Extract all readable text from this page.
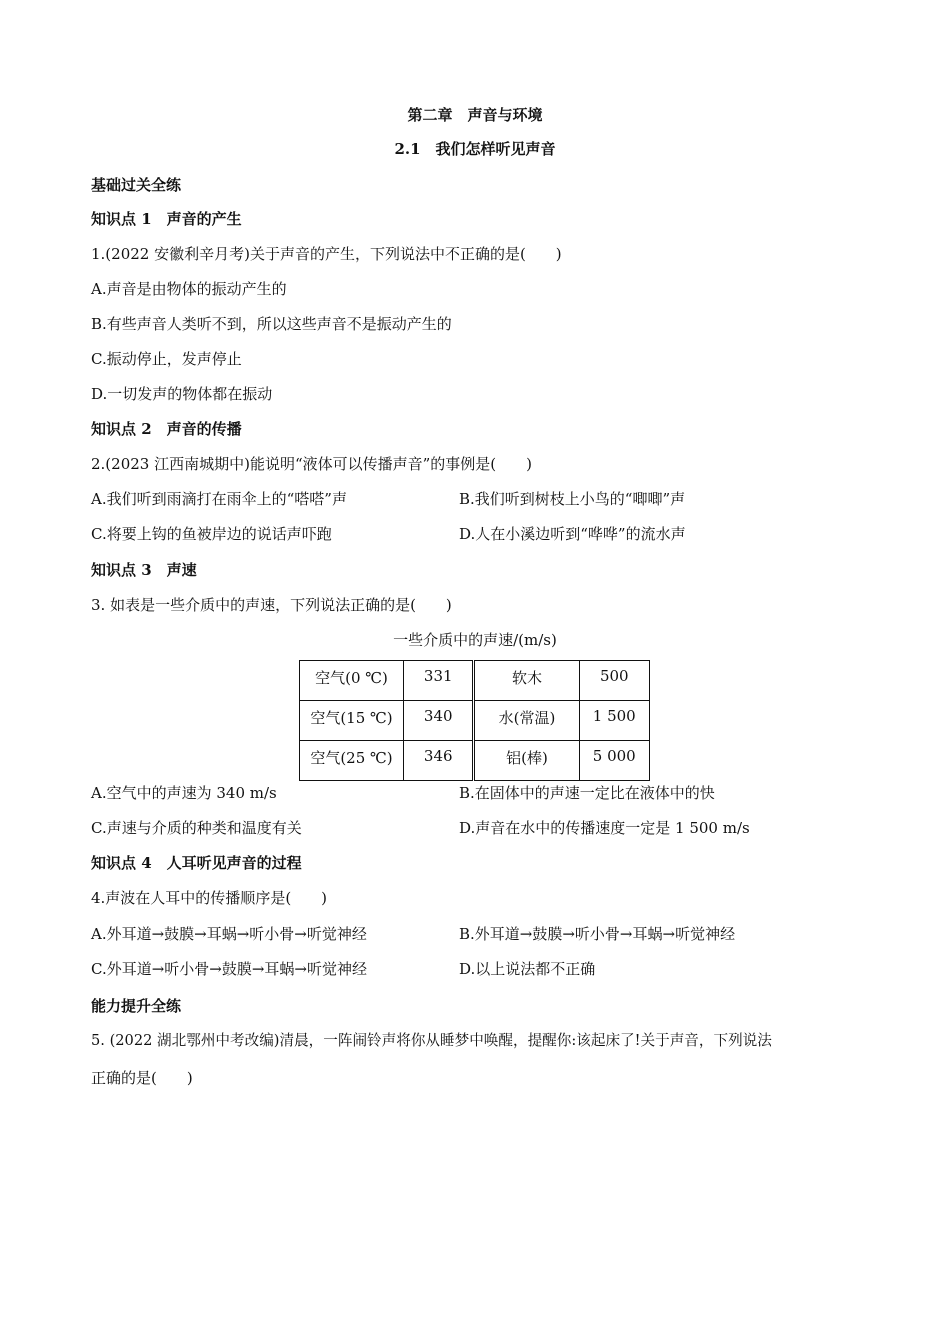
第二章　声音与环境
2.1　我们怎样听见声音
基础过关全练
知识点 1　声音的产生
1.(2022 安徽利辛月考)关于声音的产生，下列说法中不正确的是(　　)
A.声音是由物体的振动产生的
B.有些声音人类听不到，所以这些声音不是振动产生的
C.振动停止，发声停止
D.一切发声的物体都在振动
知识点 2　声音的传播
2.(2023 江西南城期中)能说明“液体可以传播声音”的事例是(　　)
A.我们听到雨滴打在雨伞上的“嗒嗒”声	B.我们听到树枝上小鸟的“唧唧”声
C.将要上钩的鱼被岸边的说话声吓跑	D.人在小溪边听到“哗哗”的流水声
知识点 3　声速
3. 如表是一些介质中的声速，下列说法正确的是(　　)
一些介质中的声速/(m/s)
空气(0 ℃)	331	软木	500
空气(15 ℃)	340	水(常温)	1 500
空气(25 ℃)	346	铝(棒)	5 000
A.空气中的声速为 340 m/s	B.在固体中的声速一定比在液体中的快
C.声速与介质的种类和温度有关	D.声音在水中的传播速度一定是 1 500 m/s
知识点 4　人耳听见声音的过程
4.声波在人耳中的传播顺序是(　　)
A.外耳道→鼓膜→耳蜗→听小骨→听觉神经	B.外耳道→鼓膜→听小骨→耳蜗→听觉神经
C.外耳道→听小骨→鼓膜→耳蜗→听觉神经	D.以上说法都不正确
能力提升全练
5. (2022 湖北鄂州中考改编)清晨，一阵闹铃声将你从睡梦中唤醒，提醒你:该起床了!关于声音，下列说法
正确的是(　　)
